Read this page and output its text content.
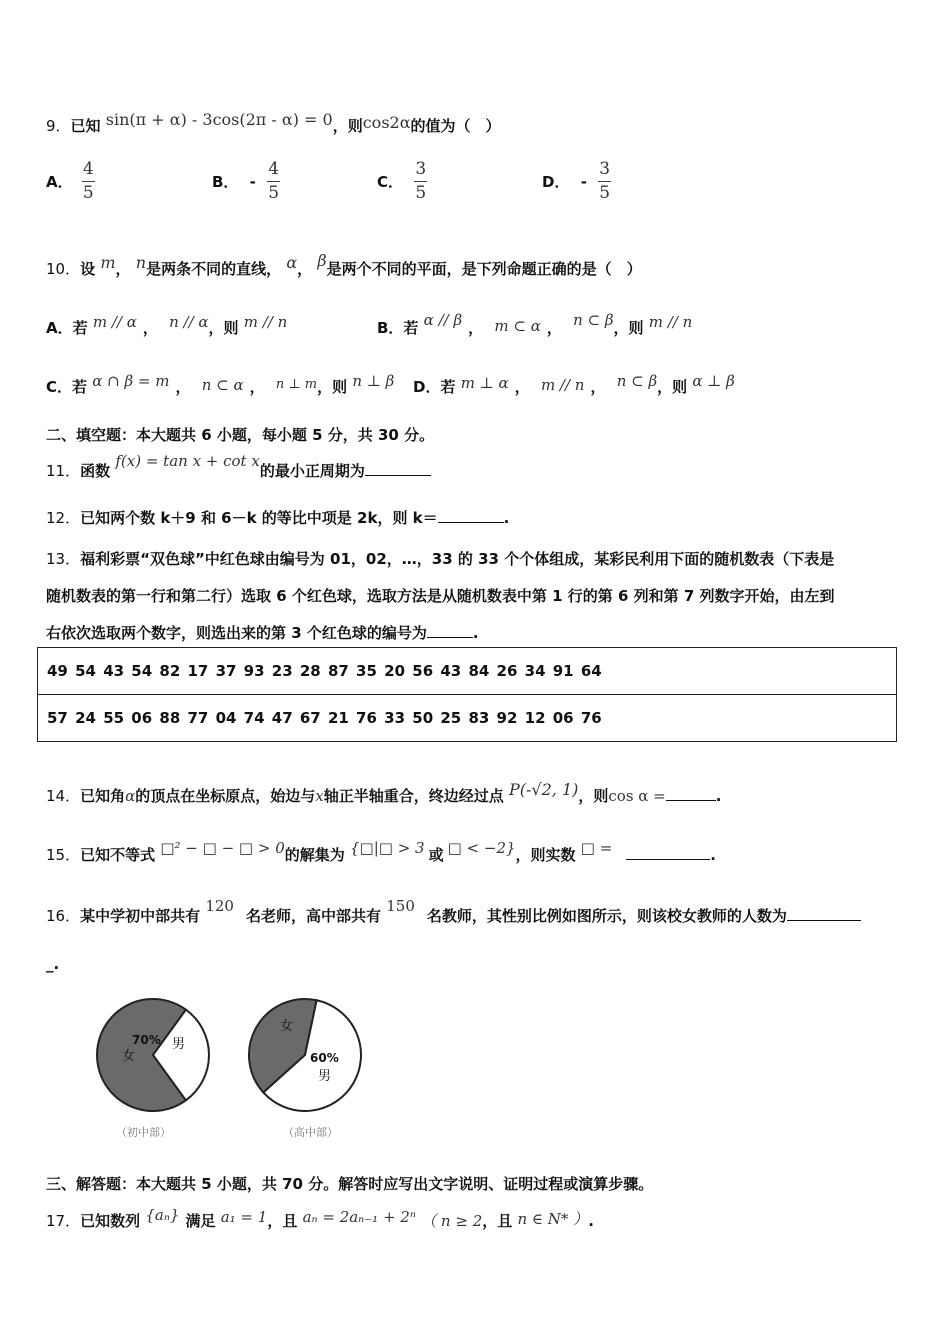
9．已知 sin(π + α) - 3cos(2π - α) = 0，则cos2α的值为（　）
A． $\frac{4}{5}$	B． - $\frac{4}{5}$	C． $\frac{3}{5}$	D． - $\frac{3}{5}$
10．设 m， n是两条不同的直线， α， β是两个不同的平面，是下列命题正确的是（　）
A．若 m // α ， n // α，则 m // n	B．若 α // β ， m ⊂ α ， n ⊂ β，则 m // n
C．若 α ∩ β = m ， n ⊂ α ， n ⊥ m，则 n ⊥ β D．若 m ⊥ α ， m // n ， n ⊂ β，则 α ⊥ β
二、填空题：本大题共 6 小题，每小题 5 分，共 30 分。
11．函数 f(x) = tan x + cot x的最小正周期为
12．已知两个数 k＋9 和 6－k 的等比中项是 2k，则 k＝	.
13．福利彩票“双色球”中红色球由编号为 01，02，…，33 的 33 个个体组成，某彩民利用下面的随机数表（下表是
随机数表的第一行和第二行）选取 6 个红色球，选取方法是从随机数表中第 1 行的第 6 列和第 7 列数字开始，由左到
右依次选取两个数字，则选出来的第 3 个红色球的编号为	.
49 54 43 54 82 17 37 93 23 28 87 35 20 56 43 84 26 34 91 64
57 24 55 06 88 77 04 74 47 67 21 76 33 50 25 83 92 12 06 76
14．已知角α的顶点在坐标原点，始边与x轴正半轴重合，终边经过点 P(-√2, 1)，则cos α =	.
15．已知不等式 □² − □ − □ > 0的解集为 {□|□ > 3 或 □ < −2}，则实数 □ =	.
16．某中学初中部共有 120名老师，高中部共有 150名教师，其性别比例如图所示，则该校女教师的人数为
_.
70%
女
男
（初中部）
女
60%
男
（高中部）
三、解答题：本大题共 5 小题，共 70 分。解答时应写出文字说明、证明过程或演算步骤。
17．已知数列 {aₙ} 满足 a₁ = 1，且 aₙ = 2aₙ₋₁ + 2ⁿ （ n ≥ 2，且 n ∈ N* ）.
